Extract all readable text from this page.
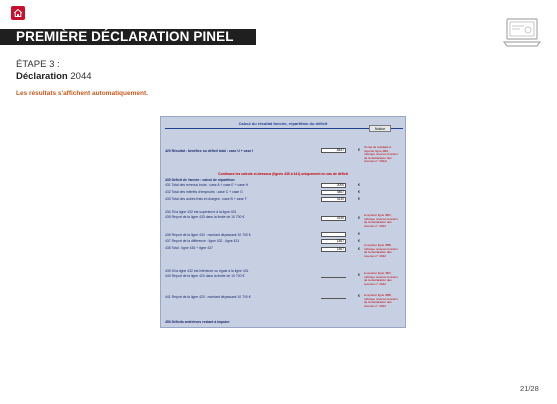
PREMIÈRE DÉCLARATION PINEL
ÉTAPE 3 :
Déclaration 2044
Les résultats s'affichent automatiquement.
Calcul du résultat foncier, répartition du déficit
Notice
420 Résultat : bénéfice ou déficit total : case U + case I	-5847	€
Si cas de résultats à reporter ligne 4BA, rubrique revenus fonciers de la déclaration des revenus n° 2042)
Continuez les calculs ci-dessous (lignes 430 à 441) uniquement en cas de déficit
430 Déficit de l'année : calcul de répartition
431 Total des revenus bruts : case A + case E + case H	3000	€
432 Total des intérêts d'emprunts : case C + case G	4867	€
433 Total des autres frais et charges : case B + case F	4140	€
434 Si la ligne 432 est supérieure à la ligne 431
435 Report de la ligne 433 dans la limite de 10 700 €	4140	€
à reporter ligne 4BC, rubrique revenus fonciers de la déclaration des revenus n° 2042
436 Report de la ligne 433 : montant dépassant 10 700 €	€
437 Report de la différence : ligne 432 - ligne 431	1867	€
438 Total : ligne 436 + ligne 437	1867	€
à reporter ligne 4BB, rubrique revenus fonciers de la déclaration des revenus n° 2042
439 Si la ligne 432 est inférieure ou égale à la ligne 431
440 Report de la ligne 420 dans la limite de 10 700 €	€ à reporter ligne 4BC, rubrique revenus fonciers de la déclaration des revenus n° 2042
441 Report de la ligne 420 : montant dépassant 10 700 €	€ à reporter ligne 4BB, rubrique revenus fonciers de la déclaration des revenus n° 2042
450 Déficits antérieurs restant à imputer
21/28
